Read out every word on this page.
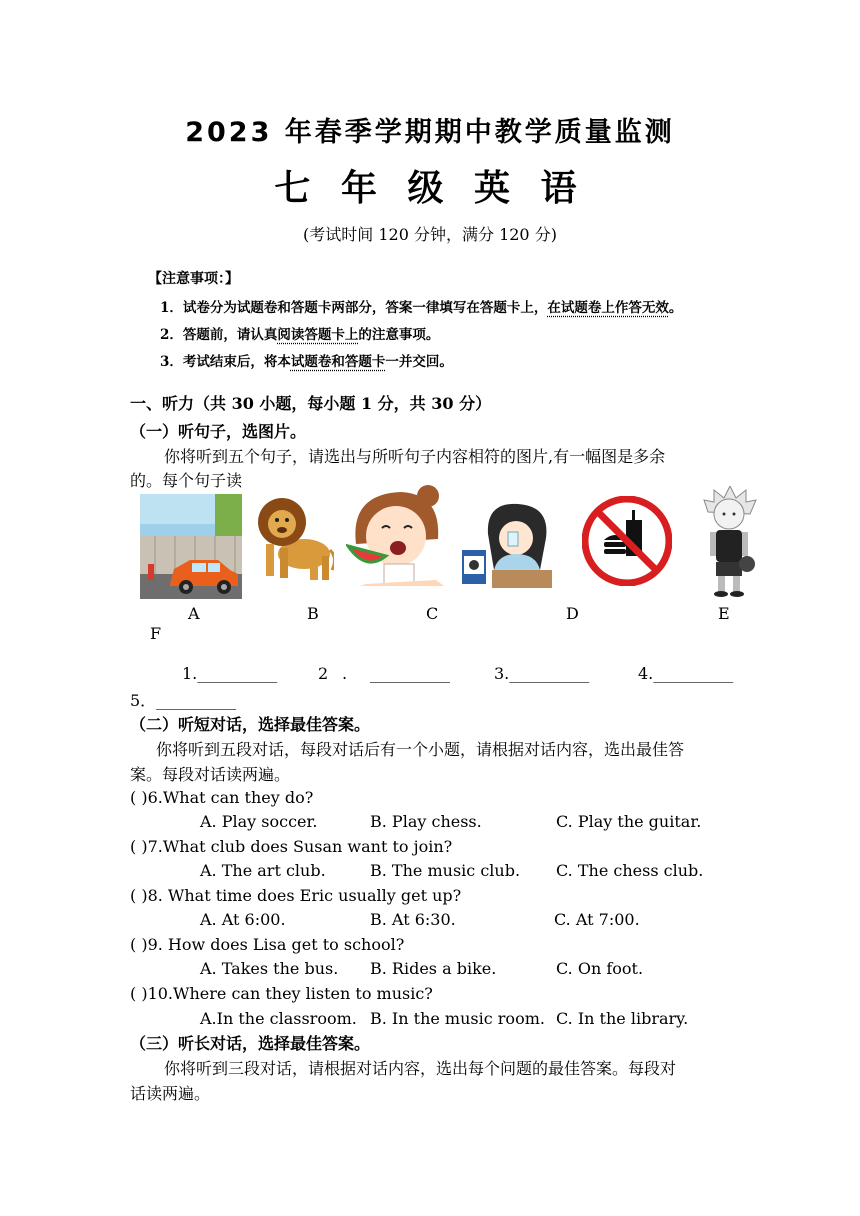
2023 年春季学期期中教学质量监测
七 年 级 英 语
(考试时间 120 分钟，满分 120 分)
【注意事项：】
1．试卷分为试题卷和答题卡两部分，答案一律填写在答题卡上，在试题卷上作答无效。
2．答题前，请认真阅读答题卡上的注意事项。
3．考试结束后，将本试题卷和答题卡一并交回。
一、听力（共 30 小题，每小题 1 分，共 30 分）
（一）听句子，选图片。
你将听到五个句子，请选出与所听句子内容相符的图片,有一幅图是多余
的。每个句子读
A	B	C	D	E
F
1.__________	2 . __________	3.__________	4.__________
5．__________
（二）听短对话，选择最佳答案。
你将听到五段对话，每段对话后有一个小题，请根据对话内容，选出最佳答
案。每段对话读两遍。
( )6.What can they do?
A. Play soccer.	B. Play chess.	C. Play the guitar.
( )7.What club does Susan want to join?
A. The art club.	B. The music club. C. The chess club.
( )8. What time does Eric usually get up?
A. At 6:00.	B. At 6:30.	C. At 7:00.
( )9. How does Lisa get to school?
A. Takes the bus. B. Rides a bike.	C. On foot.
( )10.Where can they listen to music?
A.In the classroom. B. In the music room. C. In the library.
（三）听长对话，选择最佳答案。
你将听到三段对话，请根据对话内容，选出每个问题的最佳答案。每段对
话读两遍。
